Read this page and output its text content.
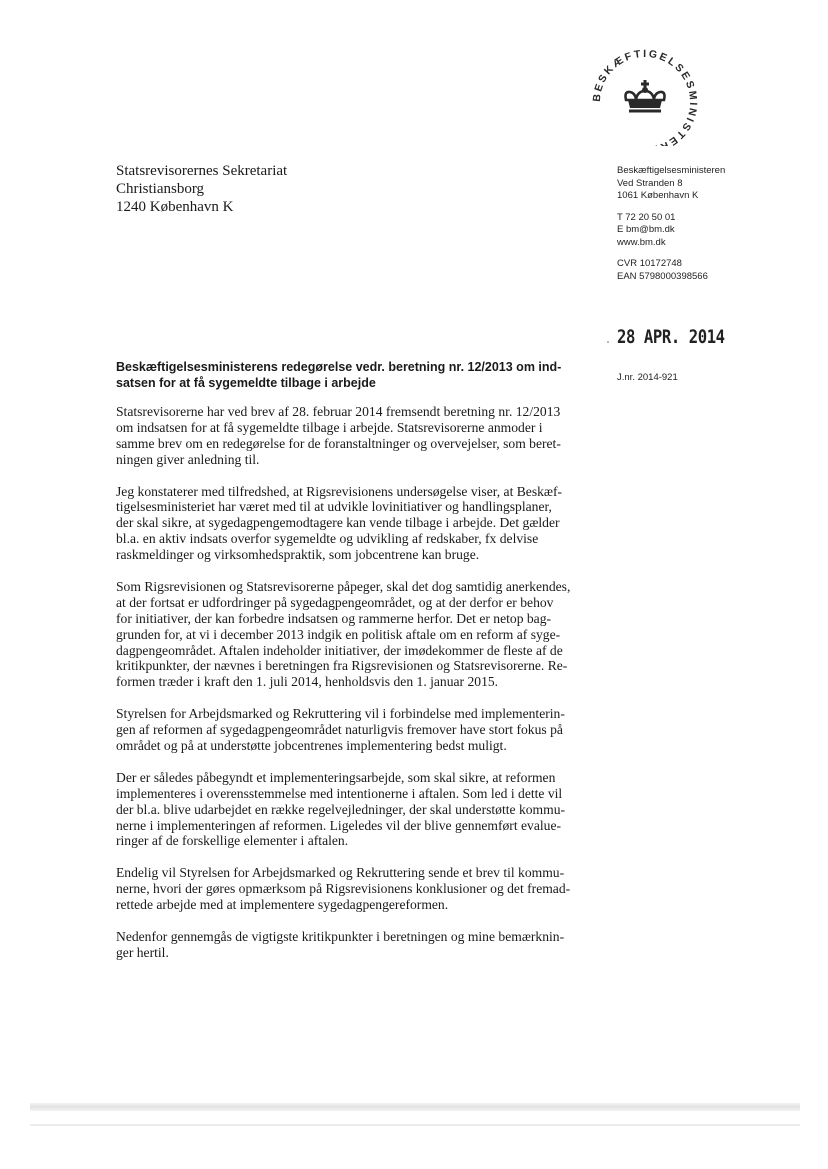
BESKÆFTIGELSESMINISTE
Statsrevisorernes Sekretariat
Christiansborg
1240 København K
Beskæftigelsesministeren
Ved Stranden 8
1061 København K
T 72 20 50 01
E bm@bm.dk
www.bm.dk
CVR 10172748
EAN 5798000398566
28 APR. 2014
J.nr. 2014-921
Beskæftigelsesministerens redegørelse vedr. beretning nr. 12/2013 om ind-
satsen for at få sygemeldte tilbage i arbejde
Statsrevisorerne har ved brev af 28. februar 2014 fremsendt beretning nr. 12/2013
om indsatsen for at få sygemeldte tilbage i arbejde. Statsrevisorerne anmoder i
samme brev om en redegørelse for de foranstaltninger og overvejelser, som beret-
ningen giver anledning til.
Jeg konstaterer med tilfredshed, at Rigsrevisionens undersøgelse viser, at Beskæf-
tigelsesministeriet har været med til at udvikle lovinitiativer og handlingsplaner,
der skal sikre, at sygedagpengemodtagere kan vende tilbage i arbejde. Det gælder
bl.a. en aktiv indsats overfor sygemeldte og udvikling af redskaber, fx delvise
raskmeldinger og virksomhedspraktik, som jobcentrene kan bruge.
Som Rigsrevisionen og Statsrevisorerne påpeger, skal det dog samtidig anerkendes,
at der fortsat er udfordringer på sygedagpengeområdet, og at der derfor er behov
for initiativer, der kan forbedre indsatsen og rammerne herfor. Det er netop bag-
grunden for, at vi i december 2013 indgik en politisk aftale om en reform af syge-
dagpengeområdet. Aftalen indeholder initiativer, der imødekommer de fleste af de
kritikpunkter, der nævnes i beretningen fra Rigsrevisionen og Statsrevisorerne. Re-
formen træder i kraft den 1. juli 2014, henholdsvis den 1. januar 2015.
Styrelsen for Arbejdsmarked og Rekruttering vil i forbindelse med implementerin-
gen af reformen af sygedagpengeområdet naturligvis fremover have stort fokus på
området og på at understøtte jobcentrenes implementering bedst muligt.
Der er således påbegyndt et implementeringsarbejde, som skal sikre, at reformen
implementeres i overensstemmelse med intentionerne i aftalen. Som led i dette vil
der bl.a. blive udarbejdet en række regelvejledninger, der skal understøtte kommu-
nerne i implementeringen af reformen. Ligeledes vil der blive gennemført evalue-
ringer af de forskellige elementer i aftalen.
Endelig vil Styrelsen for Arbejdsmarked og Rekruttering sende et brev til kommu-
nerne, hvori der gøres opmærksom på Rigsrevisionens konklusioner og det fremad-
rettede arbejde med at implementere sygedagpengereformen.
Nedenfor gennemgås de vigtigste kritikpunkter i beretningen og mine bemærknin-
ger hertil.
